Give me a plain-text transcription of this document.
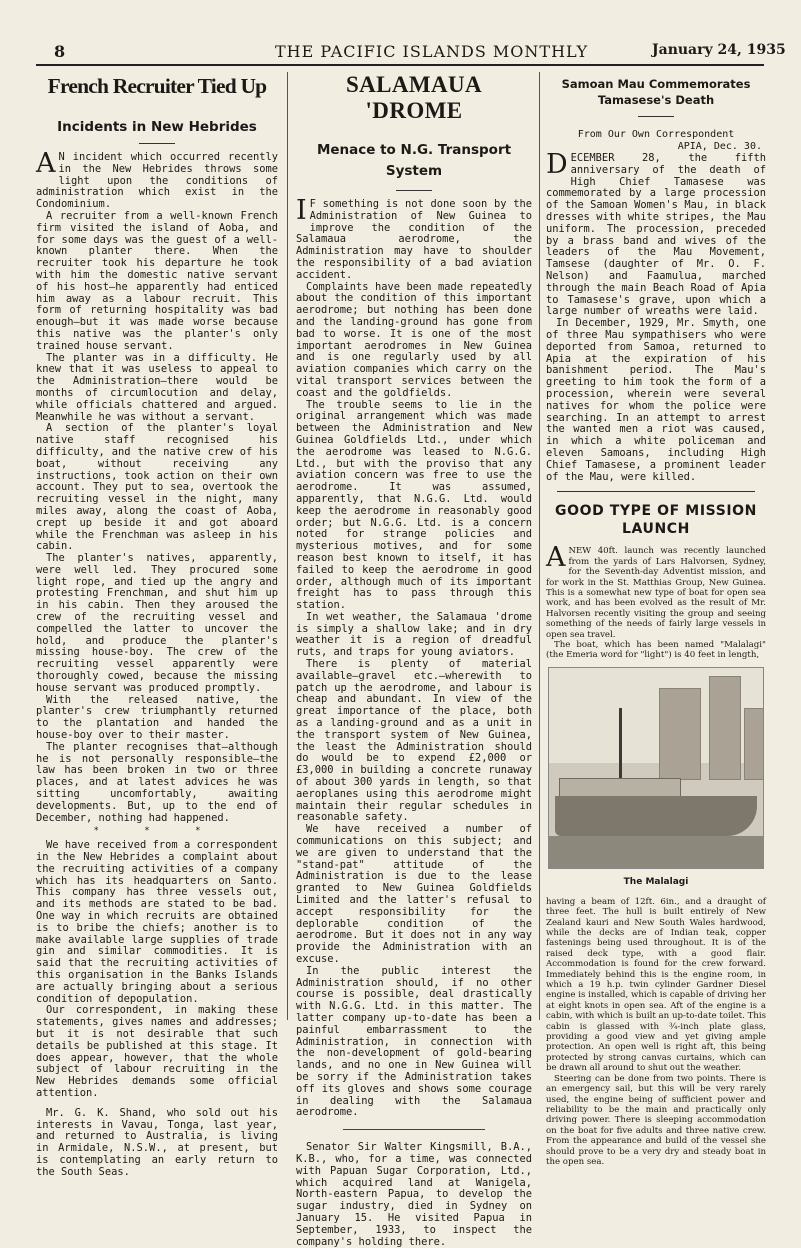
8	THE PACIFIC ISLANDS MONTHLY	January 24, 1935
French Recruiter Tied Up
Incidents in New Hebrides

A N incident which occurred recently in the New Hebrides throws some light upon the conditions of administration which exist in the Condominium.

A recruiter from a well-known French firm visited the island of Aoba, and for some days was the guest of a well-known planter there. When the recruiter took his departure he took with him the domestic native servant of his host—he apparently had enticed him away as a labour recruit. This form of returning hospitality was bad enough—but it was made worse because this native was the planter's only trained house servant.

The planter was in a difficulty. He knew that it was useless to appeal to the Administration—there would be months of circumlocution and delay, while officials chattered and argued. Meanwhile he was without a servant.

A section of the planter's loyal native staff recognised his difficulty, and the native crew of his boat, without receiving any instructions, took action on their own account. They put to sea, overtook the recruiting vessel in the night, many miles away, along the coast of Aoba, crept up beside it and got aboard while the Frenchman was asleep in his cabin.

The planter's natives, apparently, were well led. They procured some light rope, and tied up the angry and protesting Frenchman, and shut him up in his cabin. Then they aroused the crew of the recruiting vessel and compelled the latter to uncover the hold, and produce the planter's missing house-boy. The crew of the recruiting vessel apparently were thoroughly cowed, because the missing house servant was produced promptly.

With the released native, the planter's crew triumphantly returned to the plantation and handed the house-boy over to their master.

The planter recognises that—although he is not personally responsible—the law has been broken in two or three places, and at latest advices he was sitting uncomfortably, awaiting developments. But, up to the end of December, nothing had happened.

* * *

We have received from a correspondent in the New Hebrides a complaint about the recruiting activities of a company which has its headquarters on Santo. This company has three vessels out, and its methods are stated to be bad. One way in which recruits are obtained is to bribe the chiefs; another is to make available large supplies of trade gin and similar commodities. It is said that the recruiting activities of this organisation in the Banks Islands are actually bringing about a serious condition of depopulation.

Our correspondent, in making these statements, gives names and addresses; but it is not desirable that such details be published at this stage. It does appear, however, that the whole subject of labour recruiting in the New Hebrides demands some official attention.

Mr. G. K. Shand, who sold out his interests in Vavau, Tonga, last year, and returned to Australia, is living in Armidale, N.S.W., at present, but is contemplating an early return to the South Seas.

SALAMAUA 'DROME
Menace to N.G. Transport System

I F something is not done soon by the Administration of New Guinea to improve the condition of the Salamaua aerodrome, the Administration may have to shoulder the responsibility of a bad aviation accident.

Complaints have been made repeatedly about the condition of this important aerodrome; but nothing has been done and the landing-ground has gone from bad to worse. It is one of the most important aerodromes in New Guinea and is one regularly used by all aviation companies which carry on the vital transport services between the coast and the goldfields.

The trouble seems to lie in the original arrangement which was made between the Administration and New Guinea Goldfields Ltd., under which the aerodrome was leased to N.G.G. Ltd., but with the proviso that any aviation concern was free to use the aerodrome. It was assumed, apparently, that N.G.G. Ltd. would keep the aerodrome in reasonably good order; but N.G.G. Ltd. is a concern noted for strange policies and mysterious motives, and for some reason best known to itself, it has failed to keep the aerodrome in good order, although much of its important freight has to pass through this station.

In wet weather, the Salamaua 'drome is simply a shallow lake; and in dry weather it is a region of dreadful ruts, and traps for young aviators.

There is plenty of material available—gravel etc.—wherewith to patch up the aerodrome, and labour is cheap and abundant. In view of the great importance of the place, both as a landing-ground and as a unit in the transport system of New Guinea, the least the Administration should do would be to expend £2,000 or £3,000 in building a concrete runaway of about 300 yards in length, so that aeroplanes using this aerodrome might maintain their regular schedules in reasonable safety.

We have received a number of communications on this subject; and we are given to understand that the "stand-pat" attitude of the Administration is due to the lease granted to New Guinea Goldfields Limited and the latter's refusal to accept responsibility for the deplorable condition of the aerodrome. But it does not in any way provide the Administration with an excuse.

In the public interest the Administration should, if no other course is possible, deal drastically with N.G.G. Ltd. in this matter. The latter company up-to-date has been a painful embarrassment to the Administration, in connection with the non-development of gold-bearing lands, and no one in New Guinea will be sorry if the Administration takes off its gloves and shows some courage in dealing with the Salamaua aerodrome.

Senator Sir Walter Kingsmill, B.A., K.B., who, for a time, was connected with Papuan Sugar Corporation, Ltd., which acquired land at Wanigela, North-eastern Papua, to develop the sugar industry, died in Sydney on January 15. He visited Papua in September, 1933, to inspect the company's holding there.

Samoan Mau Commemorates Tamasese's Death
From Our Own Correspondent
APIA, Dec. 30.

DECEMBER 28, the fifth anniversary of the death of High Chief Tamasese was commemorated by a large procession of the Samoan Women's Mau, in black dresses with white stripes, the Mau uniform. The procession, preceded by a brass band and wives of the leaders of the Mau Movement, Tamsese (daughter of Mr. O. F. Nelson) and Faamulua, marched through the main Beach Road of Apia to Tamasese's grave, upon which a large number of wreaths were laid.

In December, 1929, Mr. Smyth, one of three Mau sympathisers who were deported from Samoa, returned to Apia at the expiration of his banishment period. The Mau's greeting to him took the form of a procession, wherein were several natives for whom the police were searching. In an attempt to arrest the wanted men a riot was caused, in which a white policeman and eleven Samoans, including High Chief Tamasese, a prominent leader of the Mau, were killed.

GOOD TYPE OF MISSION LAUNCH

ANEW 40ft. launch was recently launched from the yards of Lars Halvorsen, Sydney, for the Seventh-day Adventist mission, and for work in the St. Matthias Group, New Guinea. This is a somewhat new type of boat for open sea work, and has been evolved as the result of Mr. Halvorsen recently visiting the group and seeing something of the needs of fairly large vessels in open sea travel.

The boat, which has been named "Malalagi" (the Emeria word for "light") is 40 feet in length,

The Malalagi

having a beam of 12ft. 6in., and a draught of three feet. The hull is built entirely of New Zealand kauri and New South Wales hardwood, while the decks are of Indian teak, copper fastenings being used throughout. It is of the raised deck type, with a good flair. Accommodation is found for the crew forward. Immediately behind this is the engine room, in which a 19 h.p. twin cylinder Gardner Diesel engine is installed, which is capable of driving her at eight knots in open sea. Aft of the engine is a cabin, with which is built an up-to-date toilet. This cabin is glassed with ¾-inch plate glass, providing a good view and yet giving ample protection. An open well is right aft, this being protected by strong canvas curtains, which can be drawn all around to shut out the weather.

Steering can be done from two points. There is an emergency sail, but this will be very rarely used, the engine being of sufficient power and reliability to be the main and practically only driving power. There is sleeping accommodation on the boat for five adults and three native crew. From the appearance and build of the vessel she should prove to be a very dry and steady boat in the open sea.
